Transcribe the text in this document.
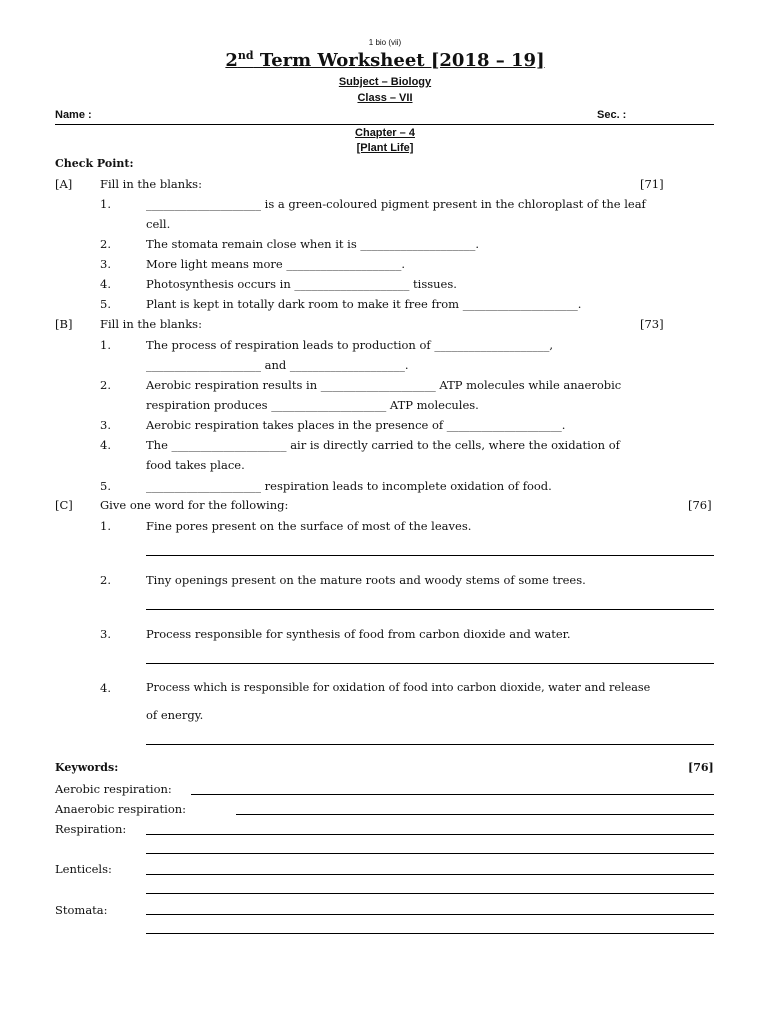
1 bio (vii)
2nd Term Worksheet [2018 – 19]
Subject – Biology
Class – VII
Name :	Sec. :
Chapter – 4
[Plant Life]
Check Point:
[A] Fill in the blanks:	[71]
1.	____________________ is a green-coloured pigment present in the chloroplast of the leaf
cell.
2.	The stomata remain close when it is ____________________.
3.	More light means more ____________________.
4.	Photosynthesis occurs in ____________________ tissues.
5.	Plant is kept in totally dark room to make it free from ____________________.
[B] Fill in the blanks:	[73]
1.	The process of respiration leads to production of ____________________,
____________________ and ____________________.
2.	Aerobic respiration results in ____________________ ATP molecules while anaerobic
respiration produces ____________________ ATP molecules.
3.	Aerobic respiration takes places in the presence of ____________________.
4.	The ____________________ air is directly carried to the cells, where the oxidation of
food takes place.
5.	____________________ respiration leads to incomplete oxidation of food.
[C] Give one word for the following:	[76]
1.	Fine pores present on the surface of most of the leaves.
2.	Tiny openings present on the mature roots and woody stems of some trees.
3.	Process responsible for synthesis of food from carbon dioxide and water.
4.	Process which is responsible for oxidation of food into carbon dioxide, water and release
of energy.
Keywords:	[76]
Aerobic respiration:
Anaerobic respiration:
Respiration:
Lenticels:
Stomata:
